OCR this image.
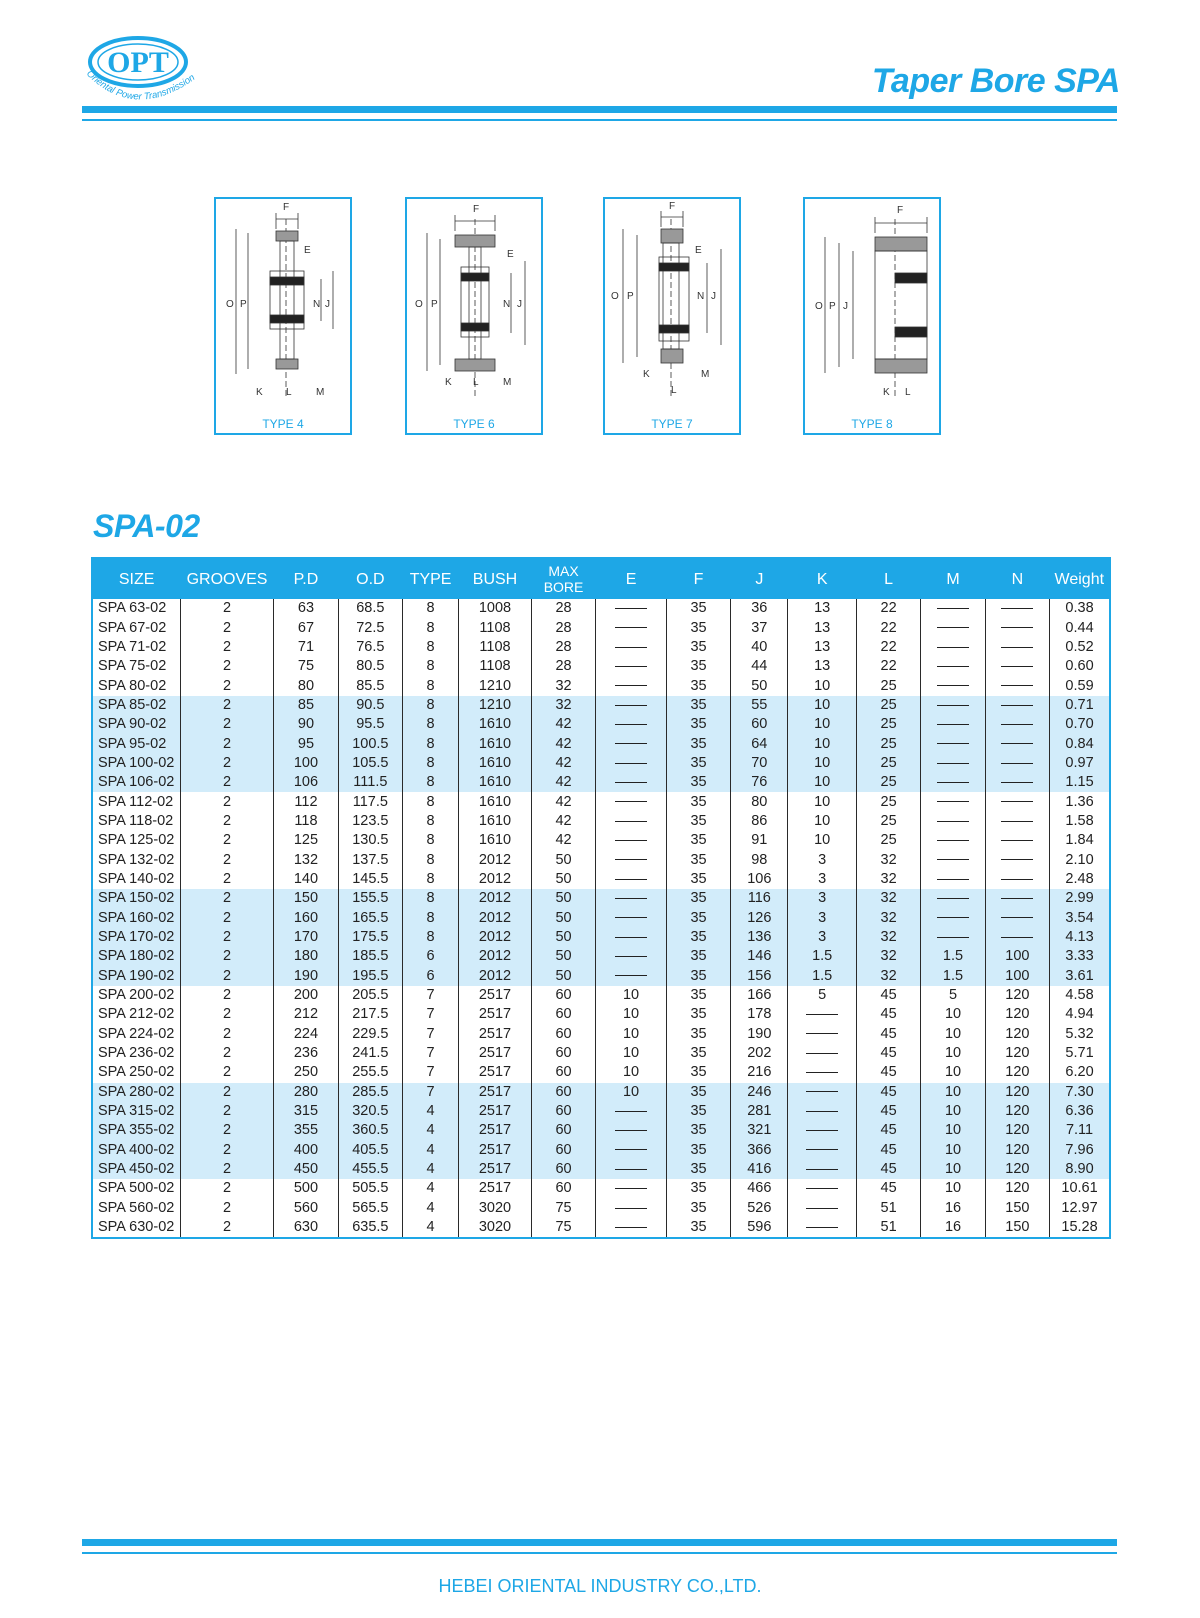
OPT
Oriental Power Transmission	Taper Bore SPA
F
E
O P	N J
K L M
TYPE 4
F
E
O P	N J
K L M
TYPE 6
F
E
O P	N J
K
L
M
TYPE 7
F
O P J
K L
TYPE 8
SPA-02
SIZE	GROOVES	P.D	O.D	TYPE	BUSH	MAX BORE	E	F	J	K	L	M	N	Weight
SPA 63-02	2	63	68.5	8	1008	28		35	36	13	22			0.38
SPA 67-02	2	67	72.5	8	1108	28		35	37	13	22			0.44
SPA 71-02	2	71	76.5	8	1108	28		35	40	13	22			0.52
SPA 75-02	2	75	80.5	8	1108	28		35	44	13	22			0.60
SPA 80-02	2	80	85.5	8	1210	32		35	50	10	25			0.59
SPA 85-02	2	85	90.5	8	1210	32		35	55	10	25			0.71
SPA 90-02	2	90	95.5	8	1610	42		35	60	10	25			0.70
SPA 95-02	2	95	100.5	8	1610	42		35	64	10	25			0.84
SPA 100-02	2	100	105.5	8	1610	42		35	70	10	25			0.97
SPA 106-02	2	106	111.5	8	1610	42		35	76	10	25			1.15
SPA 112-02	2	112	117.5	8	1610	42		35	80	10	25			1.36
SPA 118-02	2	118	123.5	8	1610	42		35	86	10	25			1.58
SPA 125-02	2	125	130.5	8	1610	42		35	91	10	25			1.84
SPA 132-02	2	132	137.5	8	2012	50		35	98	3	32			2.10
SPA 140-02	2	140	145.5	8	2012	50		35	106	3	32			2.48
SPA 150-02	2	150	155.5	8	2012	50		35	116	3	32			2.99
SPA 160-02	2	160	165.5	8	2012	50		35	126	3	32			3.54
SPA 170-02	2	170	175.5	8	2012	50		35	136	3	32			4.13
SPA 180-02	2	180	185.5	6	2012	50		35	146	1.5	32	1.5	100	3.33
SPA 190-02	2	190	195.5	6	2012	50		35	156	1.5	32	1.5	100	3.61
SPA 200-02	2	200	205.5	7	2517	60	10	35	166	5	45	5	120	4.58
SPA 212-02	2	212	217.5	7	2517	60	10	35	178		45	10	120	4.94
SPA 224-02	2	224	229.5	7	2517	60	10	35	190		45	10	120	5.32
SPA 236-02	2	236	241.5	7	2517	60	10	35	202		45	10	120	5.71
SPA 250-02	2	250	255.5	7	2517	60	10	35	216		45	10	120	6.20
SPA 280-02	2	280	285.5	7	2517	60	10	35	246		45	10	120	7.30
SPA 315-02	2	315	320.5	4	2517	60		35	281		45	10	120	6.36
SPA 355-02	2	355	360.5	4	2517	60		35	321		45	10	120	7.11
SPA 400-02	2	400	405.5	4	2517	60		35	366		45	10	120	7.96
SPA 450-02	2	450	455.5	4	2517	60		35	416		45	10	120	8.90
SPA 500-02	2	500	505.5	4	2517	60		35	466		45	10	120	10.61
SPA 560-02	2	560	565.5	4	3020	75		35	526		51	16	150	12.97
SPA 630-02	2	630	635.5	4	3020	75		35	596		51	16	150	15.28
HEBEI ORIENTAL INDUSTRY CO.,LTD.
